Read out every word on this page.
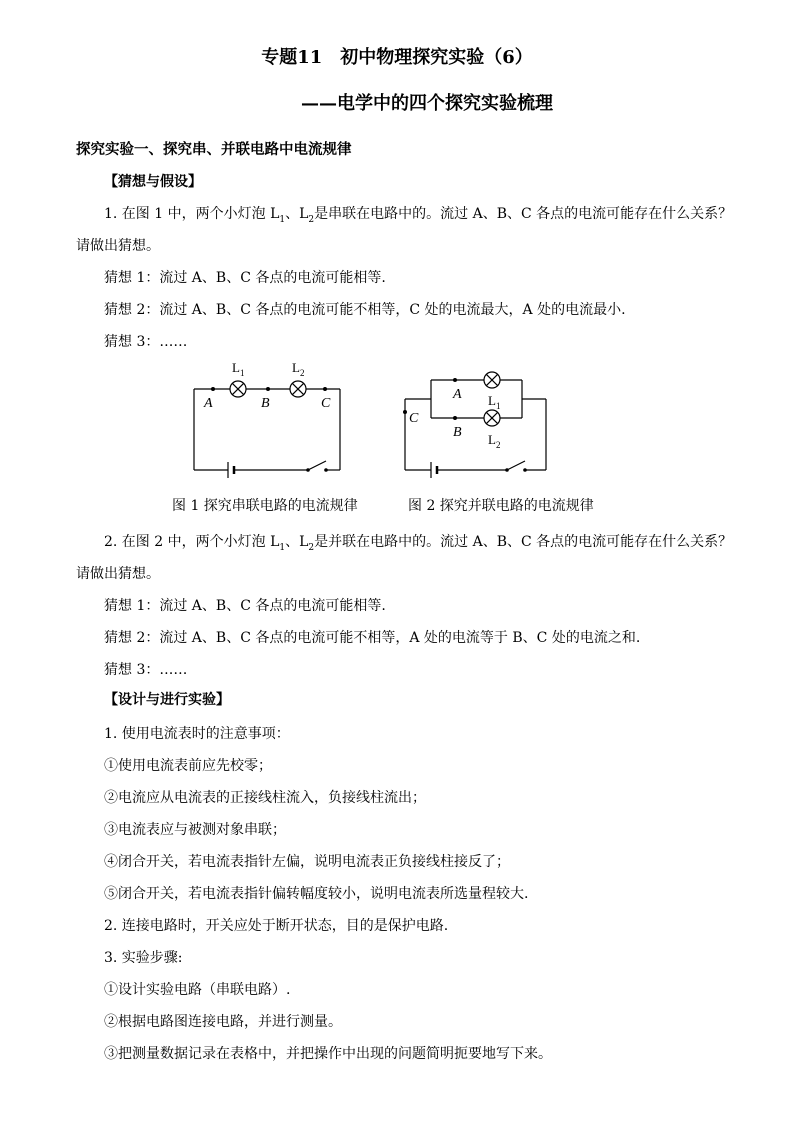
专题11　初中物理探究实验（6）
——电学中的四个探究实验梳理
探究实验一、探究串、并联电路中电流规律
【猜想与假设】
1. 在图 1 中，两个小灯泡 $L_1$、$L_2$是串联在电路中的。流过 A、B、C 各点的电流可能存在什么关系？
请做出猜想。
猜想 1：流过 A、B、C 各点的电流可能相等.
猜想 2：流过 A、B、C 各点的电流可能不相等，C 处的电流最大，A 处的电流最小.
猜想 3：……
A	B	C
L 1	L 2
A
B
C
L 1
L 2
图 1 探究串联电路的电流规律	图 2 探究并联电路的电流规律
2. 在图 2 中，两个小灯泡 $L_1$、$L_2$是并联在电路中的。流过 A、B、C 各点的电流可能存在什么关系？
请做出猜想。
猜想 1：流过 A、B、C 各点的电流可能相等.
猜想 2：流过 A、B、C 各点的电流可能不相等，A 处的电流等于 B、C 处的电流之和.
猜想 3：……
【设计与进行实验】
1. 使用电流表时的注意事项：
①使用电流表前应先校零；
②电流应从电流表的正接线柱流入，负接线柱流出；
③电流表应与被测对象串联；
④闭合开关，若电流表指针左偏，说明电流表正负接线柱接反了；
⑤闭合开关，若电流表指针偏转幅度较小，说明电流表所选量程较大.
2. 连接电路时，开关应处于断开状态，目的是保护电路.
3. 实验步骤:
①设计实验电路（串联电路）.
②根据电路图连接电路，并进行测量。
③把测量数据记录在表格中，并把操作中出现的问题简明扼要地写下来。
